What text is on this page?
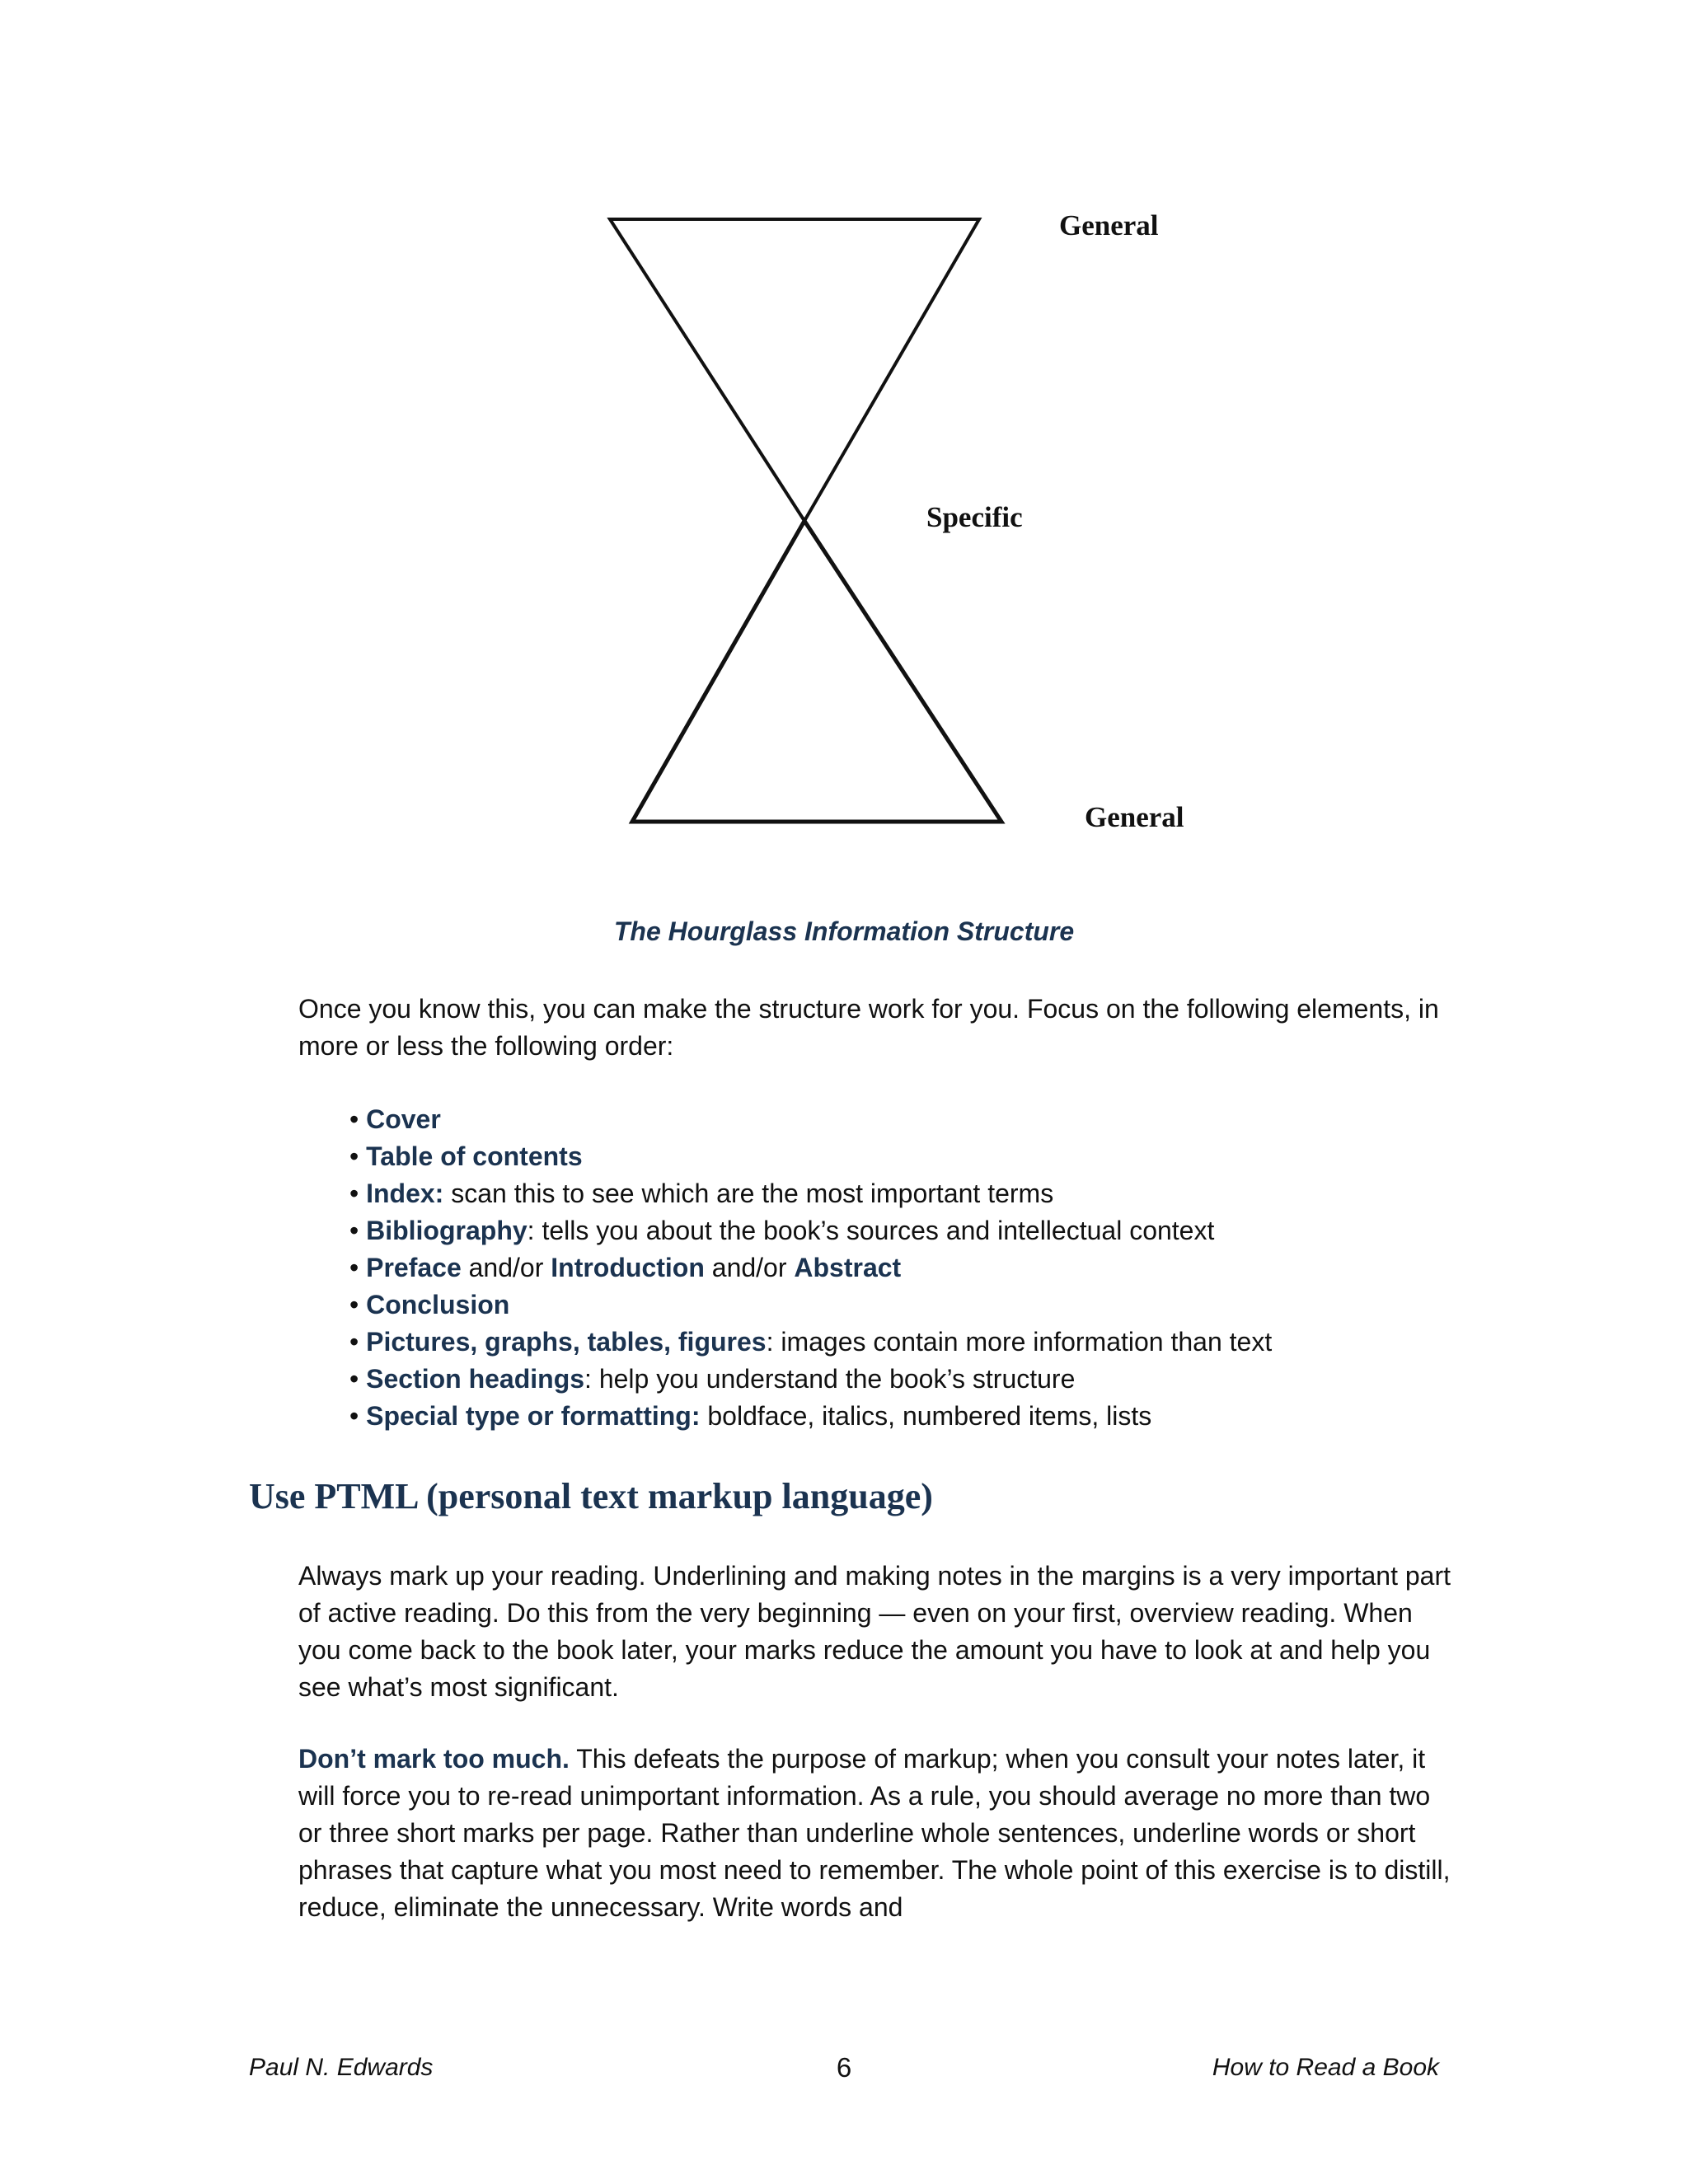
General
Specific
General
The Hourglass Information Structure

Once you know this, you can make the structure work for you. Focus on the following elements, in more or less the following order:

• Cover
• Table of contents
• Index: scan this to see which are the most important terms
• Bibliography: tells you about the book’s sources and intellectual context
• Preface and/or Introduction and/or Abstract
• Conclusion
• Pictures, graphs, tables, figures: images contain more information than text
• Section headings: help you understand the book’s structure
• Special type or formatting: boldface, italics, numbered items, lists
Use PTML (personal text markup language)

Always mark up your reading. Underlining and making notes in the margins is a very important part of active reading. Do this from the very beginning — even on your first, overview reading. When you come back to the book later, your marks reduce the amount you have to look at and help you see what’s most significant.

Don’t mark too much. This defeats the purpose of markup; when you consult your notes later, it will force you to re-read unimportant information. As a rule, you should average no more than two or three short marks per page. Rather than underline whole sentences, underline words or short phrases that capture what you most need to remember. The whole point of this exercise is to distill, reduce, eliminate the unnecessary. Write words and

Paul N. Edwards	6	How to Read a Book
